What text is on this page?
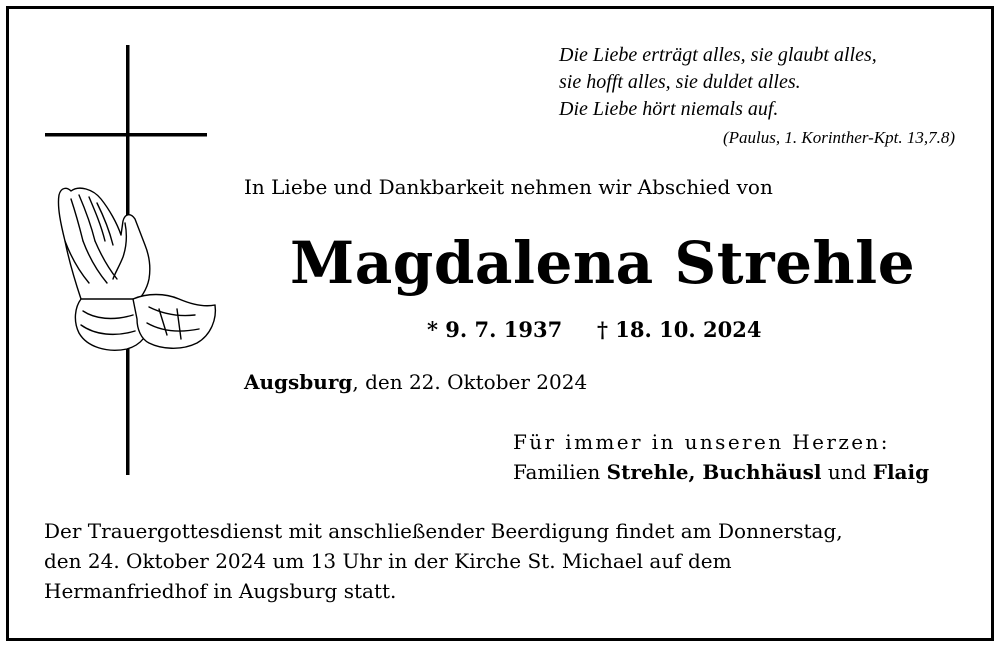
Die Liebe erträgt alles, sie glaubt alles,
sie hofft alles, sie duldet alles.
Die Liebe hört niemals auf.
(Paulus, 1. Korinther-Kpt. 13,7.8)
In Liebe und Dankbarkeit nehmen wir Abschied von
Magdalena Strehle
* 9. 7. 1937 † 18. 10. 2024
Augsburg, den 22. Oktober 2024
Für immer in unseren Herzen:
Familien Strehle, Buchhäusl und Flaig
Der Trauergottesdienst mit anschließender Beerdigung findet am Donnerstag,
den 24. Oktober 2024 um 13 Uhr in der Kirche St. Michael auf dem
Hermanfriedhof in Augsburg statt.
